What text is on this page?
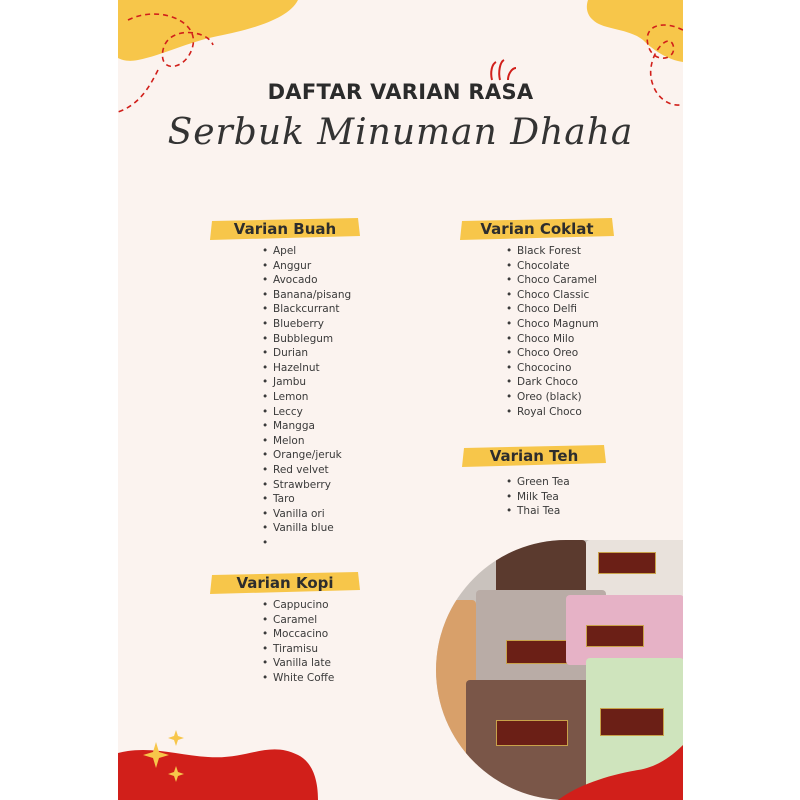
DAFTAR VARIAN RASA
Serbuk Minuman Dhaha
Varian Buah
• Apel
• Anggur
• Avocado
• Banana/pisang
• Blackcurrant
• Blueberry
• Bubblegum
• Durian
• Hazelnut
• Jambu
• Lemon
• Leccy
• Mangga
• Melon
• Orange/jeruk
• Red velvet
• Strawberry
• Taro
• Vanilla ori
• Vanilla blue
•
Varian Kopi
• Cappucino
• Caramel
• Moccacino
• Tiramisu
• Vanilla late
• White Coffe
Varian Coklat
• Black Forest
• Chocolate
• Choco Caramel
• Choco Classic
• Choco Delfi
• Choco Magnum
• Choco Milo
• Choco Oreo
• Chococino
• Dark Choco
• Oreo (black)
• Royal Choco
Varian Teh
• Green Tea
• Milk Tea
• Thai Tea
